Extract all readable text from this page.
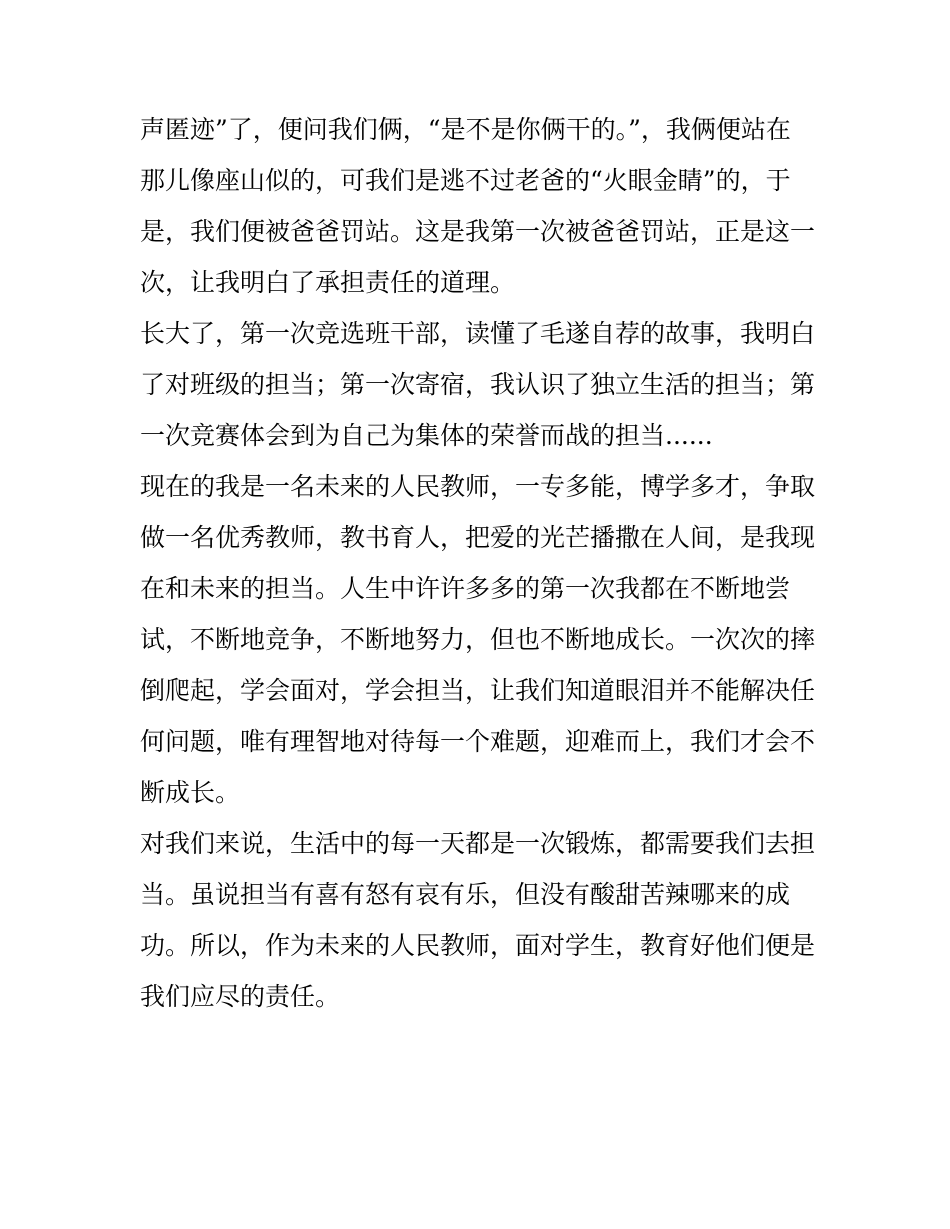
声匿迹”了，便问我们俩，“是不是你俩干的。”，我俩便站在
那儿像座山似的，可我们是逃不过老爸的“火眼金睛”的，于
是，我们便被爸爸罚站。这是我第一次被爸爸罚站，正是这一
次，让我明白了承担责任的道理。
长大了，第一次竞选班干部，读懂了毛遂自荐的故事，我明白
了对班级的担当；第一次寄宿，我认识了独立生活的担当；第
一次竞赛体会到为自己为集体的荣誉而战的担当......
现在的我是一名未来的人民教师，一专多能，博学多才，争取
做一名优秀教师，教书育人，把爱的光芒播撒在人间，是我现
在和未来的担当。人生中许许多多的第一次我都在不断地尝
试，不断地竞争，不断地努力，但也不断地成长。一次次的摔
倒爬起，学会面对，学会担当，让我们知道眼泪并不能解决任
何问题，唯有理智地对待每一个难题，迎难而上，我们才会不
断成长。
对我们来说，生活中的每一天都是一次锻炼，都需要我们去担
当。虽说担当有喜有怒有哀有乐，但没有酸甜苦辣哪来的成
功。所以，作为未来的人民教师，面对学生，教育好他们便是
我们应尽的责任。
